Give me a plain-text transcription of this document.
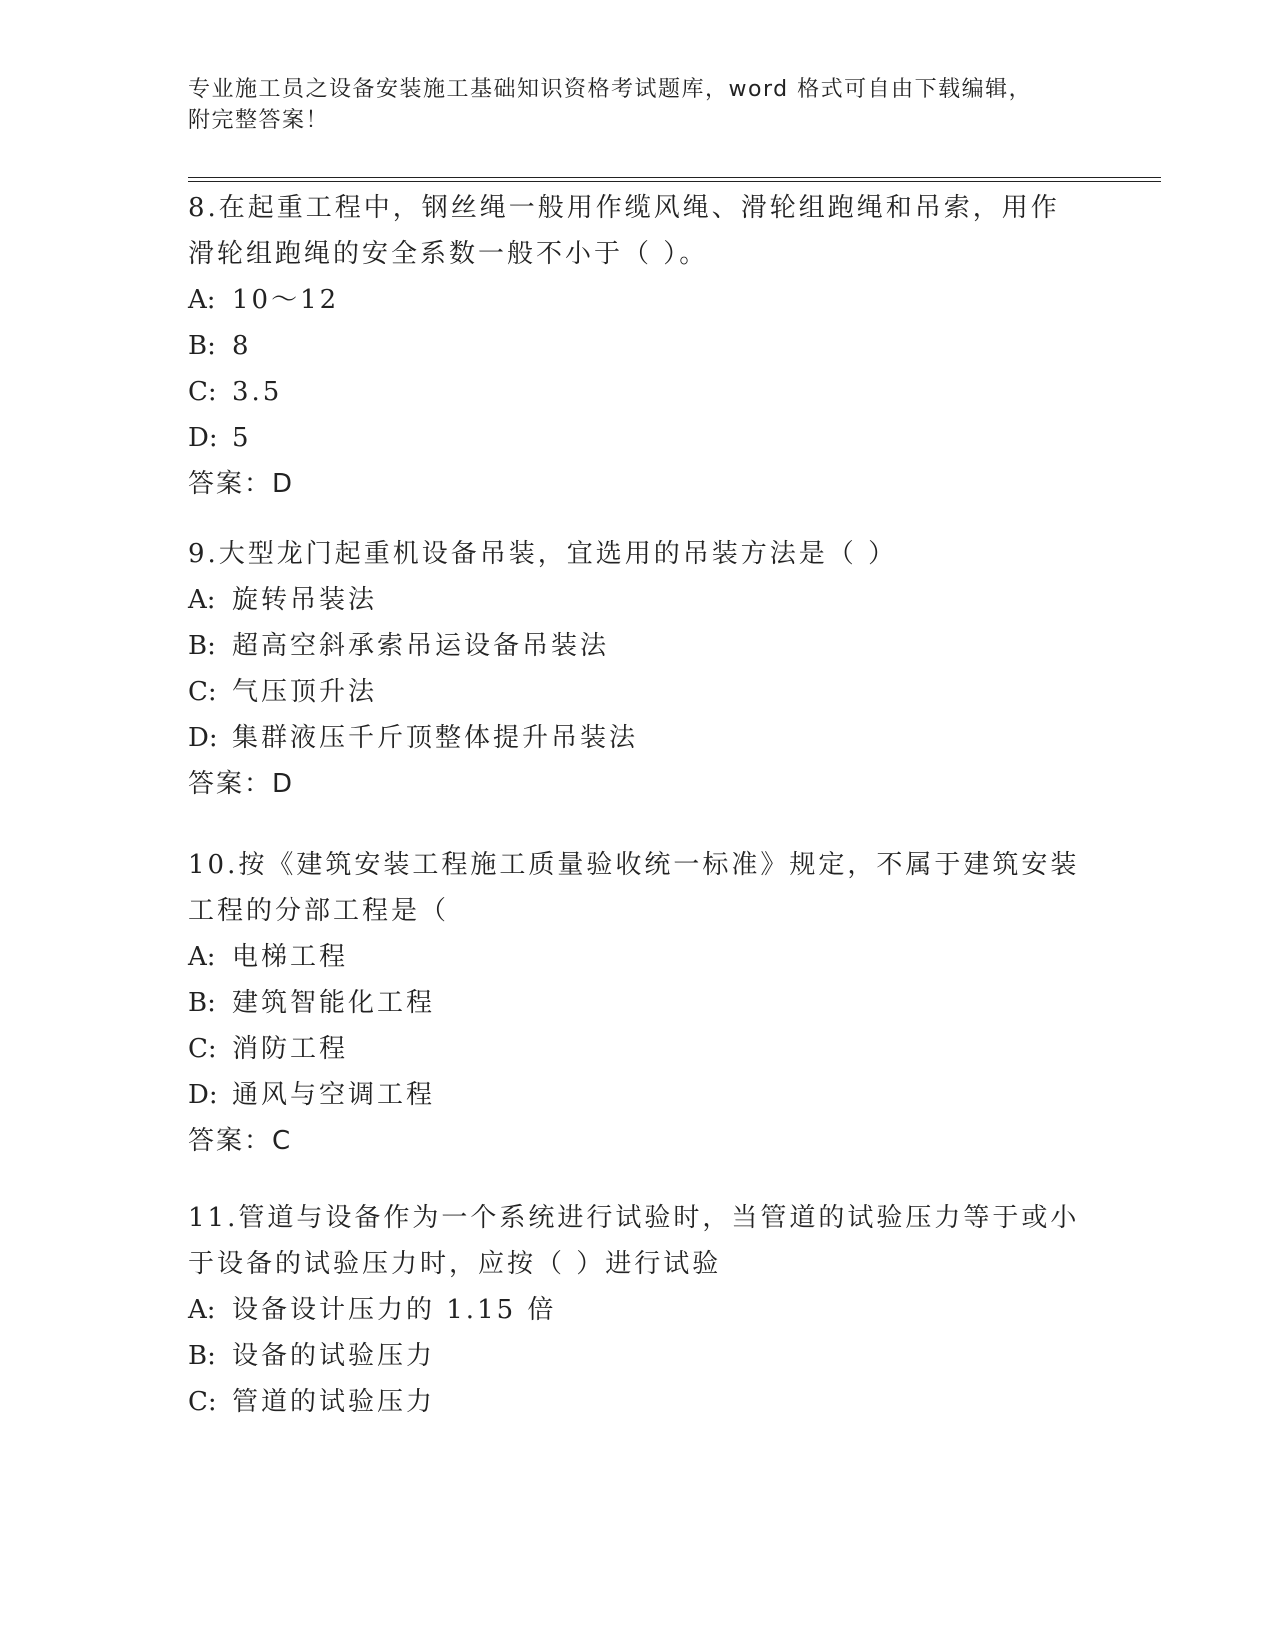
专业施工员之设备安装施工基础知识资格考试题库，word 格式可自由下载编辑，
附完整答案！
8.在起重工程中，钢丝绳一般用作缆风绳、滑轮组跑绳和吊索，用作
滑轮组跑绳的安全系数一般不小于（ ）。
A: 10～12
B: 8
C: 3.5
D: 5
答案：D
9.大型龙门起重机设备吊装，宜选用的吊装方法是（ ）
A: 旋转吊装法
B: 超高空斜承索吊运设备吊装法
C: 气压顶升法
D: 集群液压千斤顶整体提升吊装法
答案：D
10.按《建筑安装工程施工质量验收统一标准》规定，不属于建筑安装
工程的分部工程是（
A: 电梯工程
B: 建筑智能化工程
C: 消防工程
D: 通风与空调工程
答案：C
11.管道与设备作为一个系统进行试验时，当管道的试验压力等于或小
于设备的试验压力时，应按（ ）进行试验
A: 设备设计压力的 1.15 倍
B: 设备的试验压力
C: 管道的试验压力
